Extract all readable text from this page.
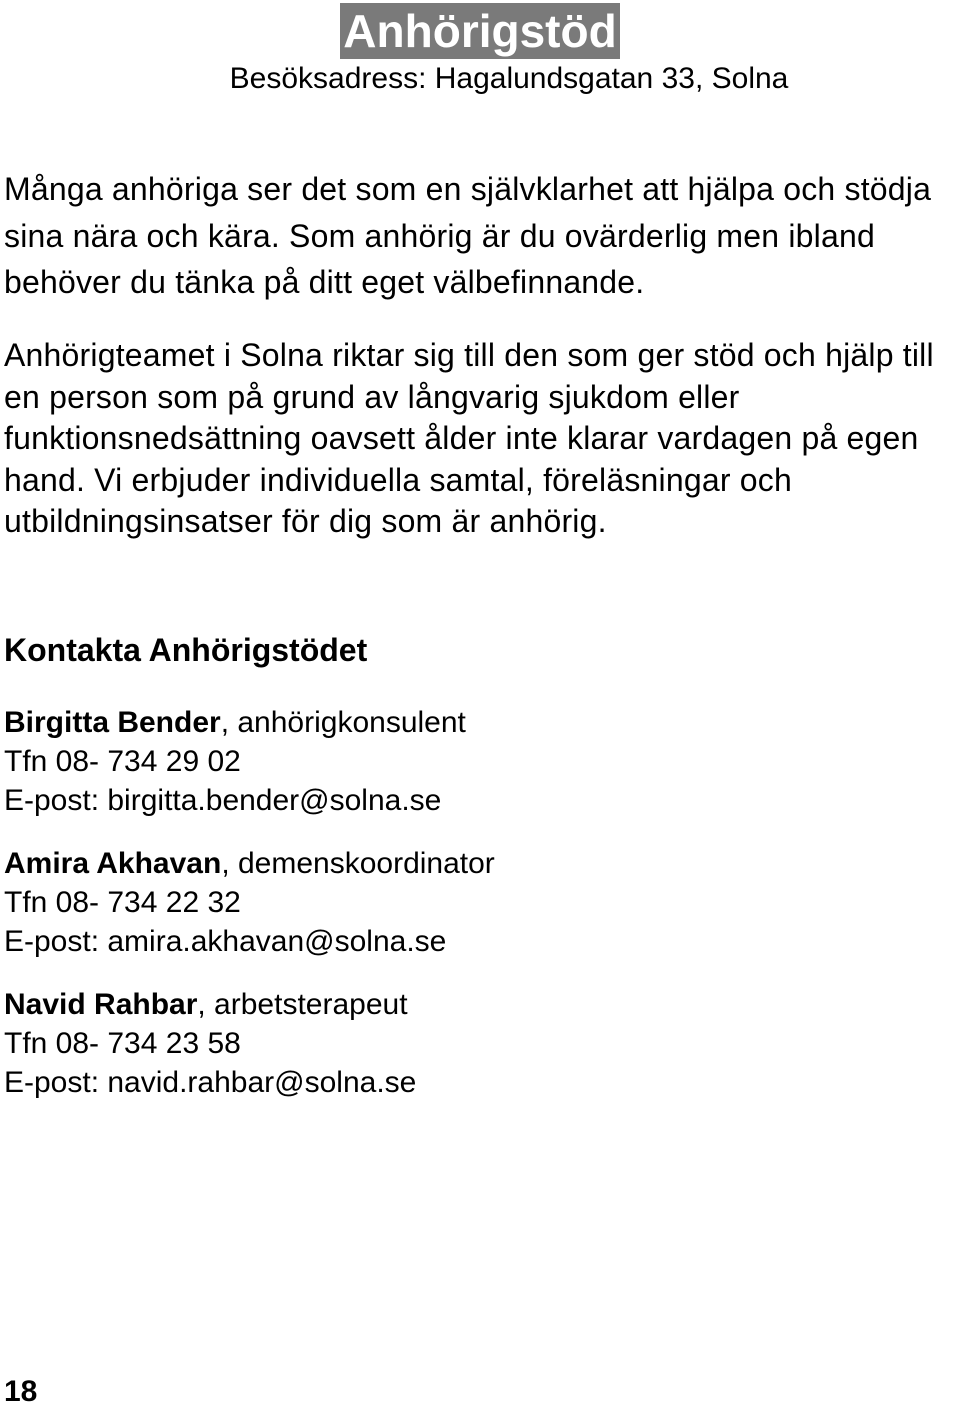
Anhörigstöd
Besöksadress: Hagalundsgatan 33, Solna

Många anhöriga ser det som en självklarhet att hjälpa och stödja sina nära och kära. Som anhörig är du ovärderlig men ibland behöver du tänka på ditt eget välbefinnande.

Anhörigteamet i Solna riktar sig till den som ger stöd och hjälp till en person som på grund av långvarig sjukdom eller funktionsnedsättning oavsett ålder inte klarar vardagen på egen hand. Vi erbjuder individuella samtal, föreläsningar och utbildningsinsatser för dig som är anhörig.

Kontakta Anhörigstödet
Birgitta Bender, anhörigkonsulent
Tfn 08- 734 29 02
E-post: birgitta.bender@solna.se
Amira Akhavan, demenskoordinator
Tfn 08- 734 22 32
E-post: amira.akhavan@solna.se
Navid Rahbar, arbetsterapeut
Tfn 08- 734 23 58
E-post: navid.rahbar@solna.se
18
